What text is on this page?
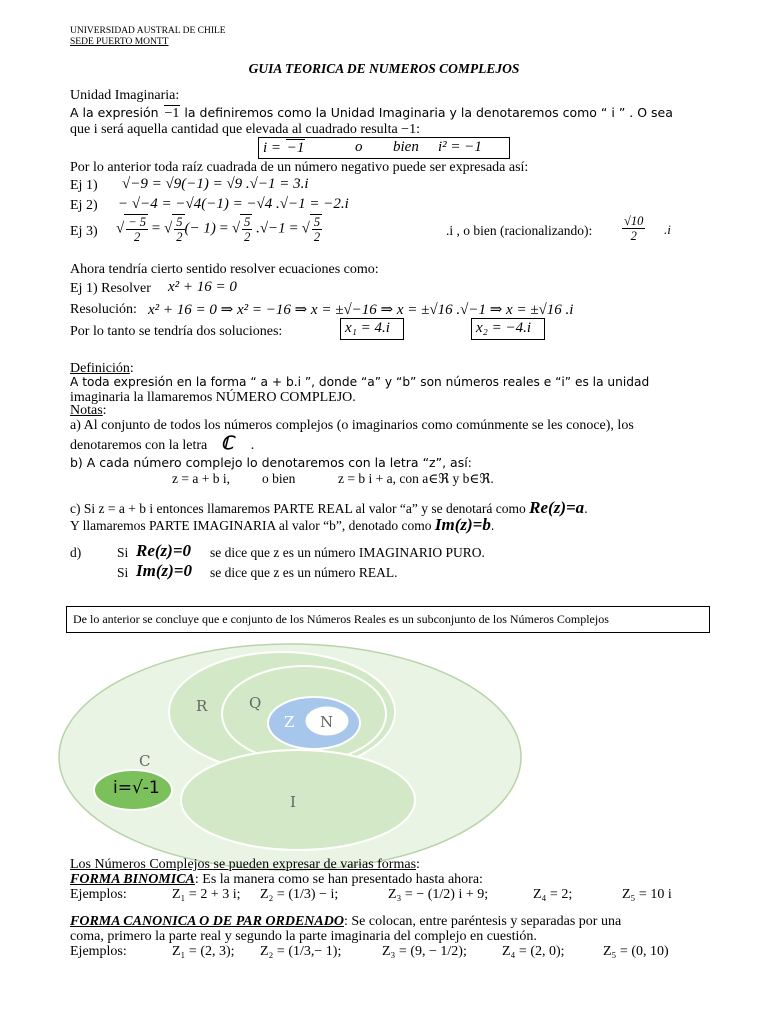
UNIVERSIDAD AUSTRAL DE CHILE
SEDE PUERTO MONTT
GUIA TEORICA DE NUMEROS COMPLEJOS
Unidad Imaginaria:
A la expresión −1 la definiremos como la Unidad Imaginaria y la denotaremos como “ i ” . O sea
que i será aquella cantidad que elevada al cuadrado resulta −1:
i = −1	o bien i² = −1
Por lo anterior toda raíz cuadrada de un número negativo puede ser expresada así:
Ej 1) √−9 = √9(−1) = √9 .√−1 = 3.i
Ej 2) − √−4 = −√4(−1) = −√4 .√−1 = −2.i
Ej 3) √ $\frac{- 5}{2}$ = √ $\frac{5}{2}$ (− 1) = √ $\frac{5}{2} .√-1$ = √ $\frac{5}{2}$	.i , o bien (racionalizando): $\frac{√10}{2} .i$
Ahora tendría cierto sentido resolver ecuaciones como:
Ej 1) Resolver x² + 16 = 0
Resolución: x² + 16 = 0 ⇒ x² = −16 ⇒ x = ±√−16 ⇒ x = ±√16 .√−1 ⇒ x = ±√16 .i
Por lo tanto se tendría dos soluciones:	x₁ = 4.i	x₂ = −4.i
Definición:
A toda expresión en la forma “ a + b.i ”, donde “a” y “b” son números reales e “i” es la unidad
imaginaria la llamaremos NÚMERO COMPLEJO.
Notas:
a) Al conjunto de todos los números complejos (o imaginarios como comúnmente se les conoce), los
denotaremos con la letra ℂ .
b) A cada número complejo lo denotaremos con la letra “z”, así:
z = a + b i, o bien	z = b i + a, con a∈ℜ y b∈ℜ.
c) Si z = a + b i entonces llamaremos PARTE REAL al valor “a” y se denotará como Re(z)=a.
Y llamaremos PARTE IMAGINARIA al valor “b”, denotado como Im(z)=b.
d)	Si Re(z)=0 se dice que z es un número IMAGINARIO PURO.
Si Im(z)=0 se dice que z es un número REAL.
De lo anterior se concluye que e conjunto de los Números Reales es un subconjunto de los Números Complejos
R	Q
Z N
C
I
i=√-1
Los Números Complejos se pueden expresar de varias formas:
FORMA BINOMICA: Es la manera como se han presentado hasta ahora:
Ejemplos:	Z₁ = 2 + 3 i; Z₂ = (1/3) − i;	Z₃ = − (1/2) i + 9;	Z₄ = 2;	Z₅ = 10 i
FORMA CANONICA O DE PAR ORDENADO: Se colocan, entre paréntesis y separadas por una
coma, primero la parte real y segundo la parte imaginaria del complejo en cuestión.
Ejemplos:	Z₁ = (2, 3); Z₂ = (1/3,− 1);	Z₃ = (9, − 1/2);	Z₄ = (2, 0);	Z₅ = (0, 10)
